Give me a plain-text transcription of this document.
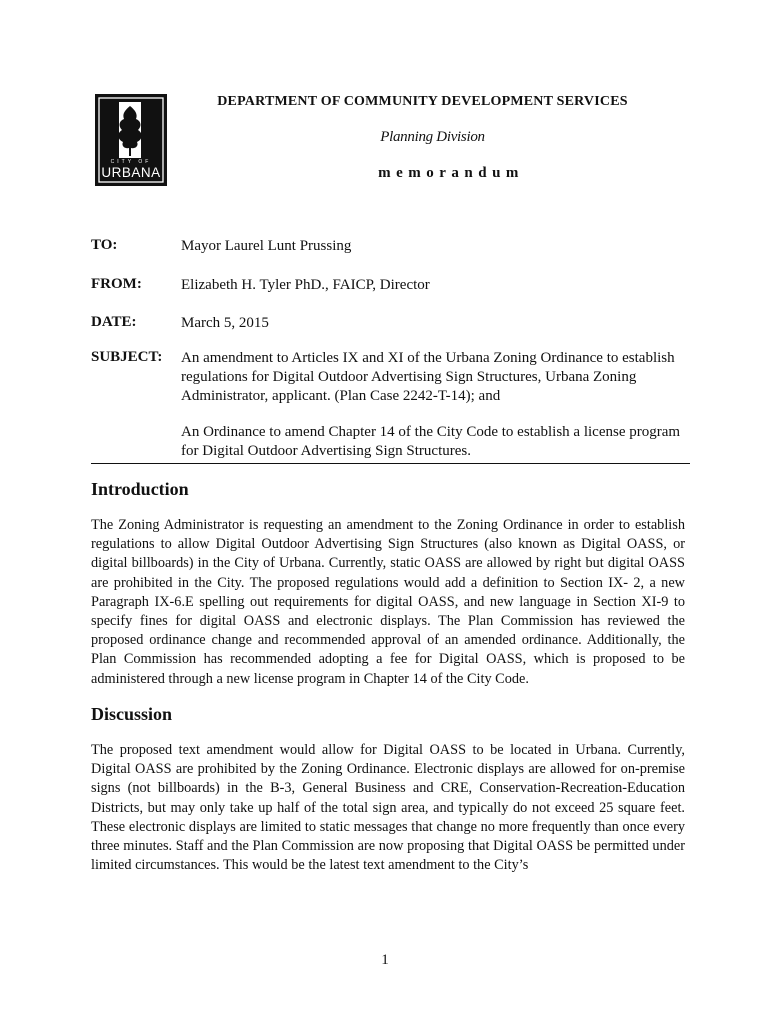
CITY OF
URBANA
DEPARTMENT OF COMMUNITY DEVELOPMENT SERVICES
Planning Division
memorandum
TO:	Mayor Laurel Lunt Prussing
FROM:	Elizabeth H. Tyler PhD., FAICP, Director
DATE:	March 5, 2015
SUBJECT: An amendment to Articles IX and XI of the Urbana Zoning Ordinance to establish regulations for Digital Outdoor Advertising Sign Structures, Urbana Zoning Administrator, applicant. (Plan Case 2242-T-14); and
An Ordinance to amend Chapter 14 of the City Code to establish a license program for Digital Outdoor Advertising Sign Structures.
Introduction

The Zoning Administrator is requesting an amendment to the Zoning Ordinance in order to establish regulations to allow Digital Outdoor Advertising Sign Structures (also known as Digital OASS, or digital billboards) in the City of Urbana. Currently, static OASS are allowed by right but digital OASS are prohibited in the City. The proposed regulations would add a definition to Section IX- 2, a new Paragraph IX-6.E spelling out requirements for digital OASS, and new language in Section XI-9 to specify fines for digital OASS and electronic displays. The Plan Commission has reviewed the proposed ordinance change and recommended approval of an amended ordinance. Additionally, the Plan Commission has recommended adopting a fee for Digital OASS, which is proposed to be administered through a new license program in Chapter 14 of the City Code.

Discussion

The proposed text amendment would allow for Digital OASS to be located in Urbana. Currently, Digital OASS are prohibited by the Zoning Ordinance. Electronic displays are allowed for on-premise signs (not billboards) in the B-3, General Business and CRE, Conservation-Recreation-Education Districts, but may only take up half of the total sign area, and typically do not exceed 25 square feet. These electronic displays are limited to static messages that change no more frequently than once every three minutes. Staff and the Plan Commission are now proposing that Digital OASS be permitted under limited circumstances. This would be the latest text amendment to the City’s

1
